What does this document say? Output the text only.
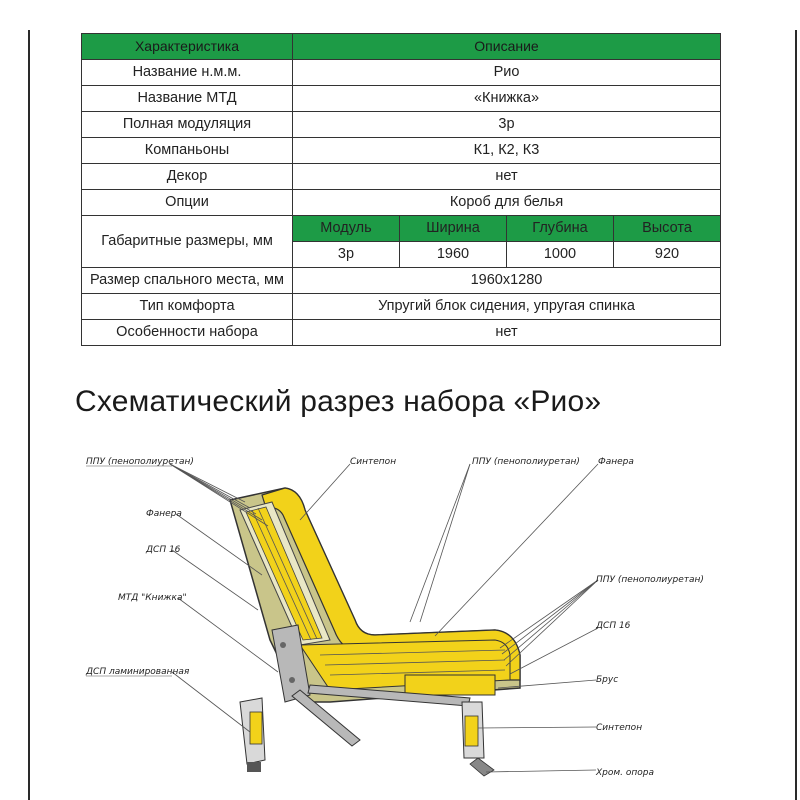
Характеристика	Описание			
Название н.м.м.	Рио			
Название МТД	«Книжка»			
Полная модуляция	3р			
Компаньоны	К1, К2, К3			
Декор	нет			
Опции	Короб для белья			
Габаритные размеры, мм	Модуль	Ширина	Глубина	Высота
	3р	1960	1000	920
Размер спального места, мм	1960x1280			
Тип комфорта	Упругий блок сидения, упругая спинка			
Особенности набора	нет			
Схематический разрез набора «Рио»
ППУ (пенополиуретан)	Синтепон	ППУ (пенополиуретан) Фанера
Фанера
ДСП 16
МТД "Книжка"
ППУ (пенополиуретан)
ДСП 16
ДСП ламинированная
Брус
Синтепон
Хром. опора
